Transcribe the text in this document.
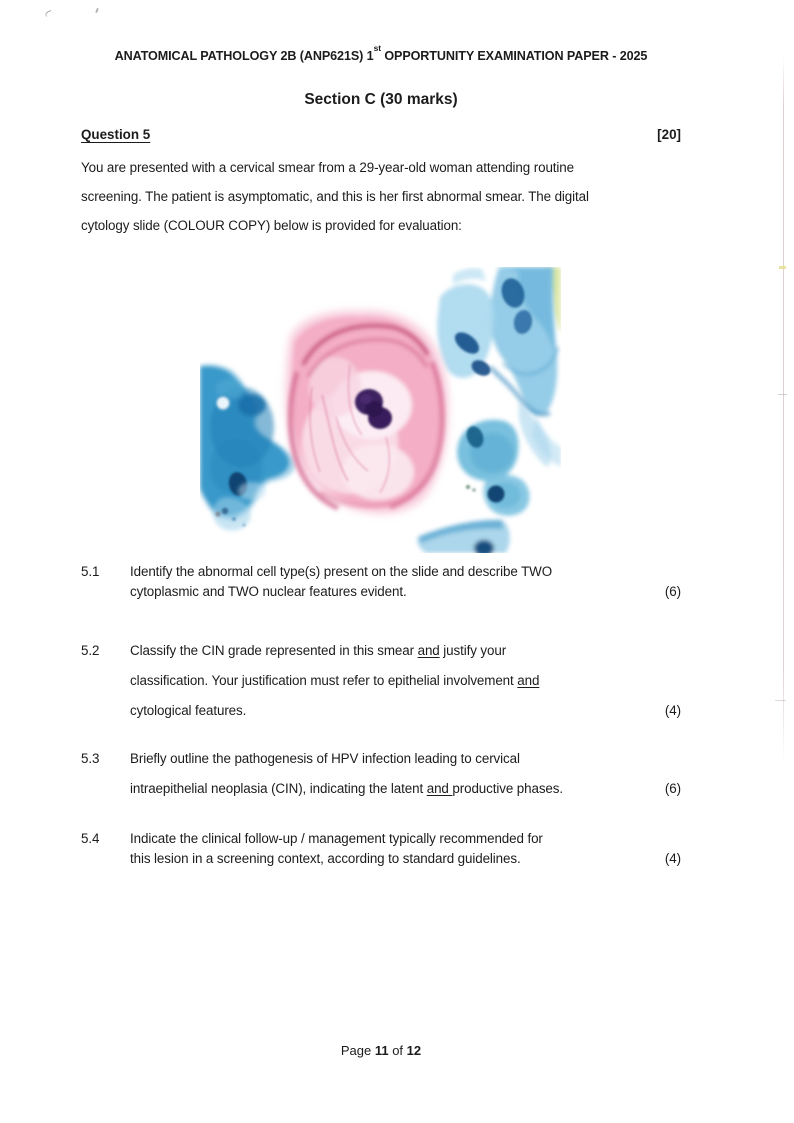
ANATOMICAL PATHOLOGY 2B (ANP621S) 1st OPPORTUNITY EXAMINATION PAPER - 2025
Section C (30 marks)
Question 5	[20]
You are presented with a cervical smear from a 29-year-old woman attending routine
screening. The patient is asymptomatic, and this is her first abnormal smear. The digital
cytology slide (COLOUR COPY) below is provided for evaluation:
5.1 Identify the abnormal cell type(s) present on the slide and describe TWO
cytoplasmic and TWO nuclear features evident.	(6)
5.2 Classify the CIN grade represented in this smear and justify your
classification. Your justification must refer to epithelial involvement and
cytological features.	(4)
5.3 Briefly outline the pathogenesis of HPV infection leading to cervical
intraepithelial neoplasia (CIN), indicating the latent and productive phases.	(6)
5.4 Indicate the clinical follow-up / management typically recommended for
this lesion in a screening context, according to standard guidelines.	(4)
Page 11 of 12
